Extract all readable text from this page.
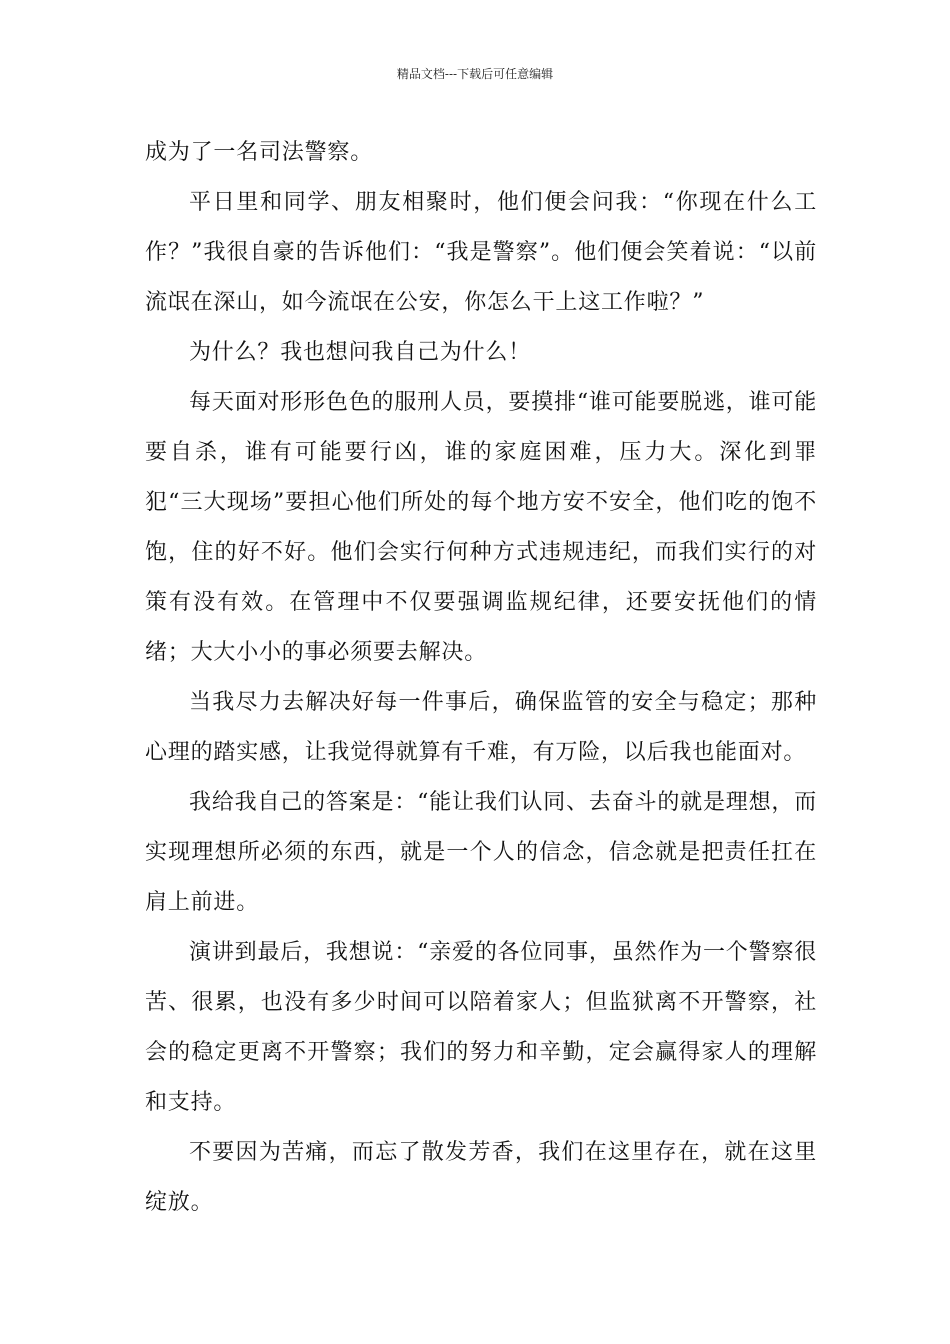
精品文档---下载后可任意编辑

成为了一名司法警察。

平日里和同学、朋友相聚时，他们便会问我：“你现在什么工作？”我很自豪的告诉他们：“我是警察”。他们便会笑着说：“以前流氓在深山，如今流氓在公安，你怎么干上这工作啦？”

为什么？我也想问我自己为什么！

每天面对形形色色的服刑人员，要摸排“谁可能要脱逃，谁可能要自杀，谁有可能要行凶，谁的家庭困难，压力大。深化到罪犯“三大现场”要担心他们所处的每个地方安不安全，他们吃的饱不饱，住的好不好。他们会实行何种方式违规违纪，而我们实行的对策有没有效。在管理中不仅要强调监规纪律，还要安抚他们的情绪；大大小小的事必须要去解决。

当我尽力去解决好每一件事后，确保监管的安全与稳定；那种心理的踏实感，让我觉得就算有千难，有万险，以后我也能面对。

我给我自己的答案是：“能让我们认同、去奋斗的就是理想，而实现理想所必须的东西，就是一个人的信念，信念就是把责任扛在肩上前进。

演讲到最后，我想说：“亲爱的各位同事，虽然作为一个警察很苦、很累，也没有多少时间可以陪着家人；但监狱离不开警察，社会的稳定更离不开警察；我们的努力和辛勤，定会赢得家人的理解和支持。

不要因为苦痛，而忘了散发芳香，我们在这里存在，就在这里绽放。
